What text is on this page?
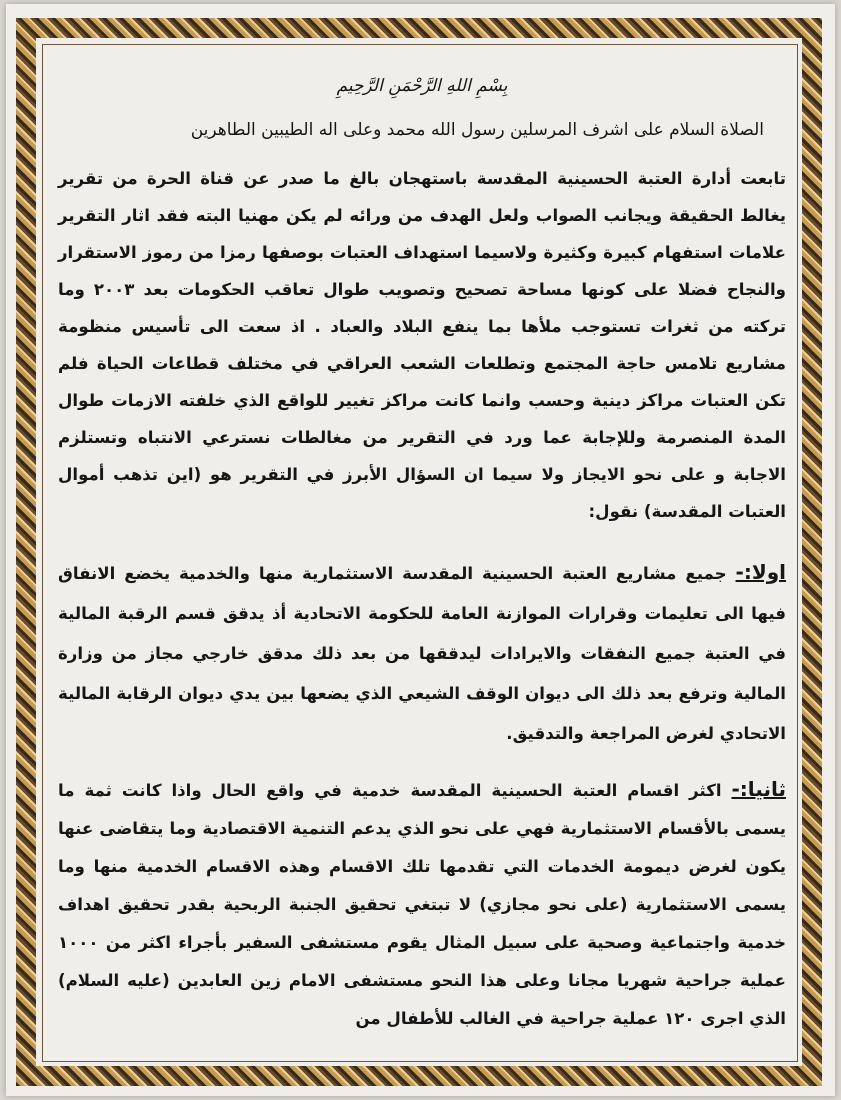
بِسْمِ اللهِ الرَّحْمَنِ الرَّحِيمِ
الصلاة السلام على اشرف المرسلين رسول الله محمد وعلى اله الطيبين الطاهرين

تابعت أدارة العتبة الحسينية المقدسة باستهجان بالغ ما صدر عن قناة الحرة من تقرير يغالط الحقيقة ويجانب الصواب ولعل الهدف من ورائه لم يكن مهنيا البته فقد اثار التقرير علامات استفهام كبيرة وكثيرة ولاسيما استهداف العتبات بوصفها رمزا من رموز الاستقرار والنجاح فضلا على كونها مساحة تصحيح وتصويب طوال تعاقب الحكومات بعد ٢٠٠٣ وما تركته من ثغرات تستوجب ملأها بما ينفع البلاد والعباد . اذ سعت الى تأسيس منظومة مشاريع تلامس حاجة المجتمع وتطلعات الشعب العراقي في مختلف قطاعات الحياة فلم تكن العتبات مراكز دينية وحسب وانما كانت مراكز تغيير للواقع الذي خلفته الازمات طوال المدة المنصرمة وللإجابة عما ورد في التقرير من مغالطات نسترعي الانتباه وتستلزم الاجابة و على نحو الايجاز ولا سيما ان السؤال الأبرز في التقرير هو (اين تذهب أموال العتبات المقدسة) نقول:

اولا:- جميع مشاريع العتبة الحسينية المقدسة الاستثمارية منها والخدمية يخضع الانفاق فيها الى تعليمات وقرارات الموازنة العامة للحكومة الاتحادية أذ يدقق قسم الرقبة المالية في العتبة جميع النفقات والايرادات ليدققها من بعد ذلك مدقق خارجي مجاز من وزارة المالية وترفع بعد ذلك الى ديوان الوقف الشيعي الذي يضعها بين يدي ديوان الرقابة المالية الاتحادي لغرض المراجعة والتدقيق.

ثانيا:- اكثر اقسام العتبة الحسينية المقدسة خدمية في واقع الحال واذا كانت ثمة ما يسمى بالأقسام الاستثمارية فهي على نحو الذي يدعم التنمية الاقتصادية وما يتقاضى عنها يكون لغرض ديمومة الخدمات التي تقدمها تلك الاقسام وهذه الاقسام الخدمية منها وما يسمى الاستثمارية (على نحو مجازي) لا تبتغي تحقيق الجنبة الربحية بقدر تحقيق اهداف خدمية واجتماعية وصحية على سبيل المثال يقوم مستشفى السفير بأجراء اكثر من ١٠٠٠ عملية جراحية شهريا مجانا وعلى هذا النحو مستشفى الامام زين العابدين (عليه السلام) الذي اجرى ١٢٠ عملية جراحية في الغالب للأطفال من
